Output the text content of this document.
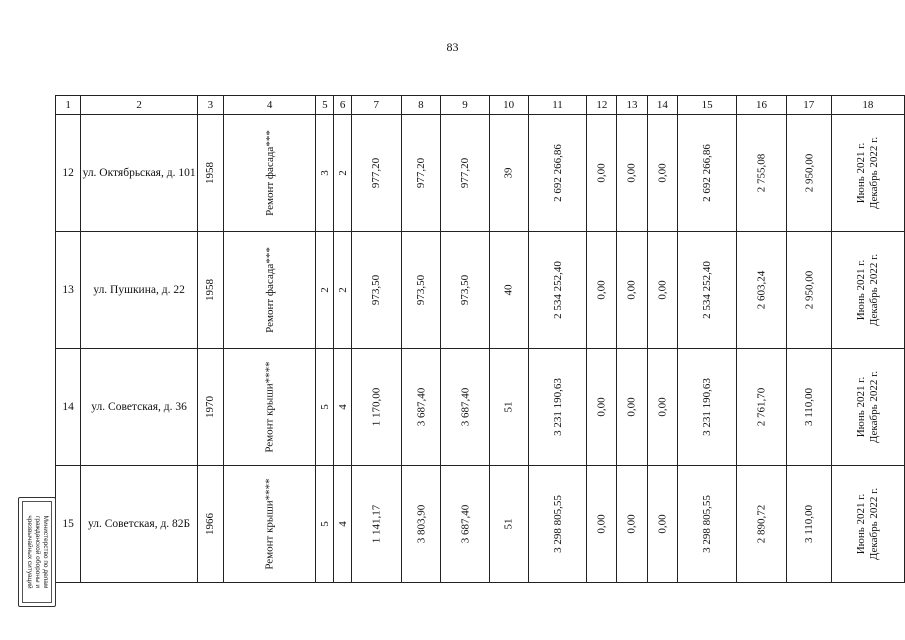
83
1	2	3	4	5	6	7	8	9	10	11	12	13	14	15	16	17	18
12	ул. Октябрьская, д. 101	1958	Ремонт фасада***	3	2	977,20	977,20	977,20	39	2 692 266,86	0,00	0,00	0,00	2 692 266,86	2 755,08	2 950,00	Июнь 2021 г.
Декабрь 2022 г.
13	ул. Пушкина, д. 22	1958	Ремонт фасада***	2	2	973,50	973,50	973,50	40	2 534 252,40	0,00	0,00	0,00	2 534 252,40	2 603,24	2 950,00	Июнь 2021 г.
Декабрь 2022 г.
14	ул. Советская, д. 36	1970	Ремонт крыши****	5	4	1 170,00	3 687,40	3 687,40	51	3 231 190,63	0,00	0,00	0,00	3 231 190,63	2 761,70	3 110,00	Июнь 2021 г.
Декабрь 2022 г.
15	ул. Советская, д. 82Б	1966	Ремонт крыши****	5	4	1 141,17	3 803,90	3 687,40	51	3 298 805,55	0,00	0,00	0,00	3 298 805,55	2 890,72	3 110,00	Июнь 2021 г.
Декабрь 2022 г.
Министерство по делам
гражданской обороны и
чрезвычайных ситуаций
